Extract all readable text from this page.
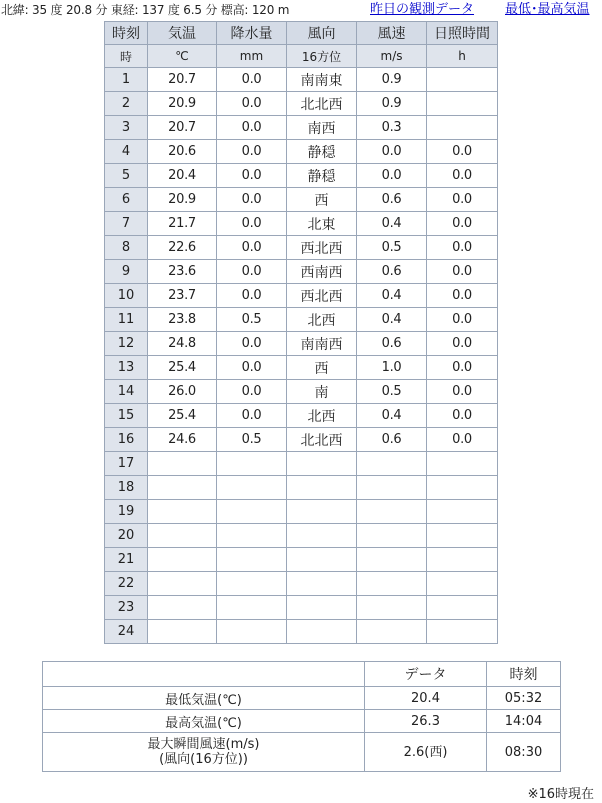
北緯: 35 度 20.8 分 東経: 137 度 6.5 分 標高: 120 m	昨日の観測データ 最低･最高気温
時刻	気温	降水量	風向	風速	日照時間
時	℃	mm	16方位	m/s	h
1	20.7	0.0	南南東	0.9	
2	20.9	0.0	北北西	0.9	
3	20.7	0.0	南西	0.3	
4	20.6	0.0	静穏	0.0	0.0
5	20.4	0.0	静穏	0.0	0.0
6	20.9	0.0	西	0.6	0.0
7	21.7	0.0	北東	0.4	0.0
8	22.6	0.0	西北西	0.5	0.0
9	23.6	0.0	西南西	0.6	0.0
10	23.7	0.0	西北西	0.4	0.0
11	23.8	0.5	北西	0.4	0.0
12	24.8	0.0	南南西	0.6	0.0
13	25.4	0.0	西	1.0	0.0
14	26.0	0.0	南	0.5	0.0
15	25.4	0.0	北西	0.4	0.0
16	24.6	0.5	北北西	0.6	0.0
17					
18					
19					
20					
21					
22					
23					
24					
	データ	時刻

最低気温(℃)	20.4	05:32

最高気温(℃)	26.3	14:04

最大瞬間風速(m/s)
(風向(16方位))	2.6(西)	08:30
※16時現在
